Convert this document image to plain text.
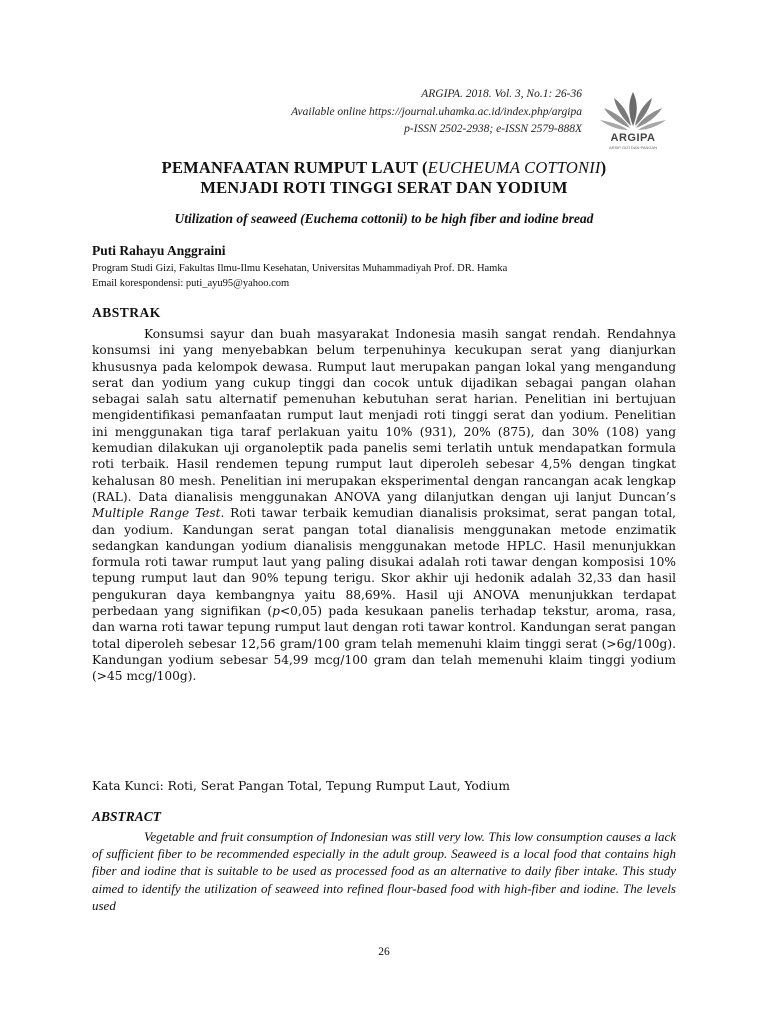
ARGIPA. 2018. Vol. 3, No.1: 26-36
Available online https://journal.uhamka.ac.id/index.php/argipa
p-ISSN 2502-2938; e-ISSN 2579-888X
ARGIPA
ARSIP GIZI DAN PANGAN
PEMANFAATAN RUMPUT LAUT (EUCHEUMA COTTONII)
MENJADI ROTI TINGGI SERAT DAN YODIUM
Utilization of seaweed (Euchema cottonii) to be high fiber and iodine bread
Puti Rahayu Anggraini
Program Studi Gizi, Fakultas Ilmu-Ilmu Kesehatan, Universitas Muhammadiyah Prof. DR. Hamka
Email korespondensi: puti_ayu95@yahoo.com
ABSTRAK

Konsumsi sayur dan buah masyarakat Indonesia masih sangat rendah. Rendahnya konsumsi ini yang menyebabkan belum terpenuhinya kecukupan serat yang dianjurkan khususnya pada kelompok dewasa. Rumput laut merupakan pangan lokal yang mengandung serat dan yodium yang cukup tinggi dan cocok untuk dijadikan sebagai pangan olahan sebagai salah satu alternatif pemenuhan kebutuhan serat harian. Penelitian ini bertujuan mengidentifikasi pemanfaatan rumput laut menjadi roti tinggi serat dan yodium. Penelitian ini menggunakan tiga taraf perlakuan yaitu 10% (931), 20% (875), dan 30% (108) yang kemudian dilakukan uji organoleptik pada panelis semi terlatih untuk mendapatkan formula roti terbaik. Hasil rendemen tepung rumput laut diperoleh sebesar 4,5% dengan tingkat kehalusan 80 mesh. Penelitian ini merupakan eksperimental dengan rancangan acak lengkap (RAL). Data dianalisis menggunakan ANOVA yang dilanjutkan dengan uji lanjut Duncan’s Multiple Range Test. Roti tawar terbaik kemudian dianalisis proksimat, serat pangan total, dan yodium. Kandungan serat pangan total dianalisis menggunakan metode enzimatik sedangkan kandungan yodium dianalisis menggunakan metode HPLC. Hasil menunjukkan formula roti tawar rumput laut yang paling disukai adalah roti tawar dengan komposisi 10% tepung rumput laut dan 90% tepung terigu. Skor akhir uji hedonik adalah 32,33 dan hasil pengukuran daya kembangnya yaitu 88,69%. Hasil uji ANOVA menunjukkan terdapat perbedaan yang signifikan (p<0,05) pada kesukaan panelis terhadap tekstur, aroma, rasa, dan warna roti tawar tepung rumput laut dengan roti tawar kontrol. Kandungan serat pangan total diperoleh sebesar 12,56 gram/100 gram telah memenuhi klaim tinggi serat (>6g/100g). Kandungan yodium sebesar 54,99 mcg/100 gram dan telah memenuhi klaim tinggi yodium (>45 mcg/100g).

Kata Kunci: Roti, Serat Pangan Total, Tepung Rumput Laut, Yodium
ABSTRACT

Vegetable and fruit consumption of Indonesian was still very low. This low consumption causes a lack of sufficient fiber to be recommended especially in the adult group. Seaweed is a local food that contains high fiber and iodine that is suitable to be used as processed food as an alternative to daily fiber intake. This study aimed to identify the utilization of seaweed into refined flour-based food with high-fiber and iodine. The levels used

26
